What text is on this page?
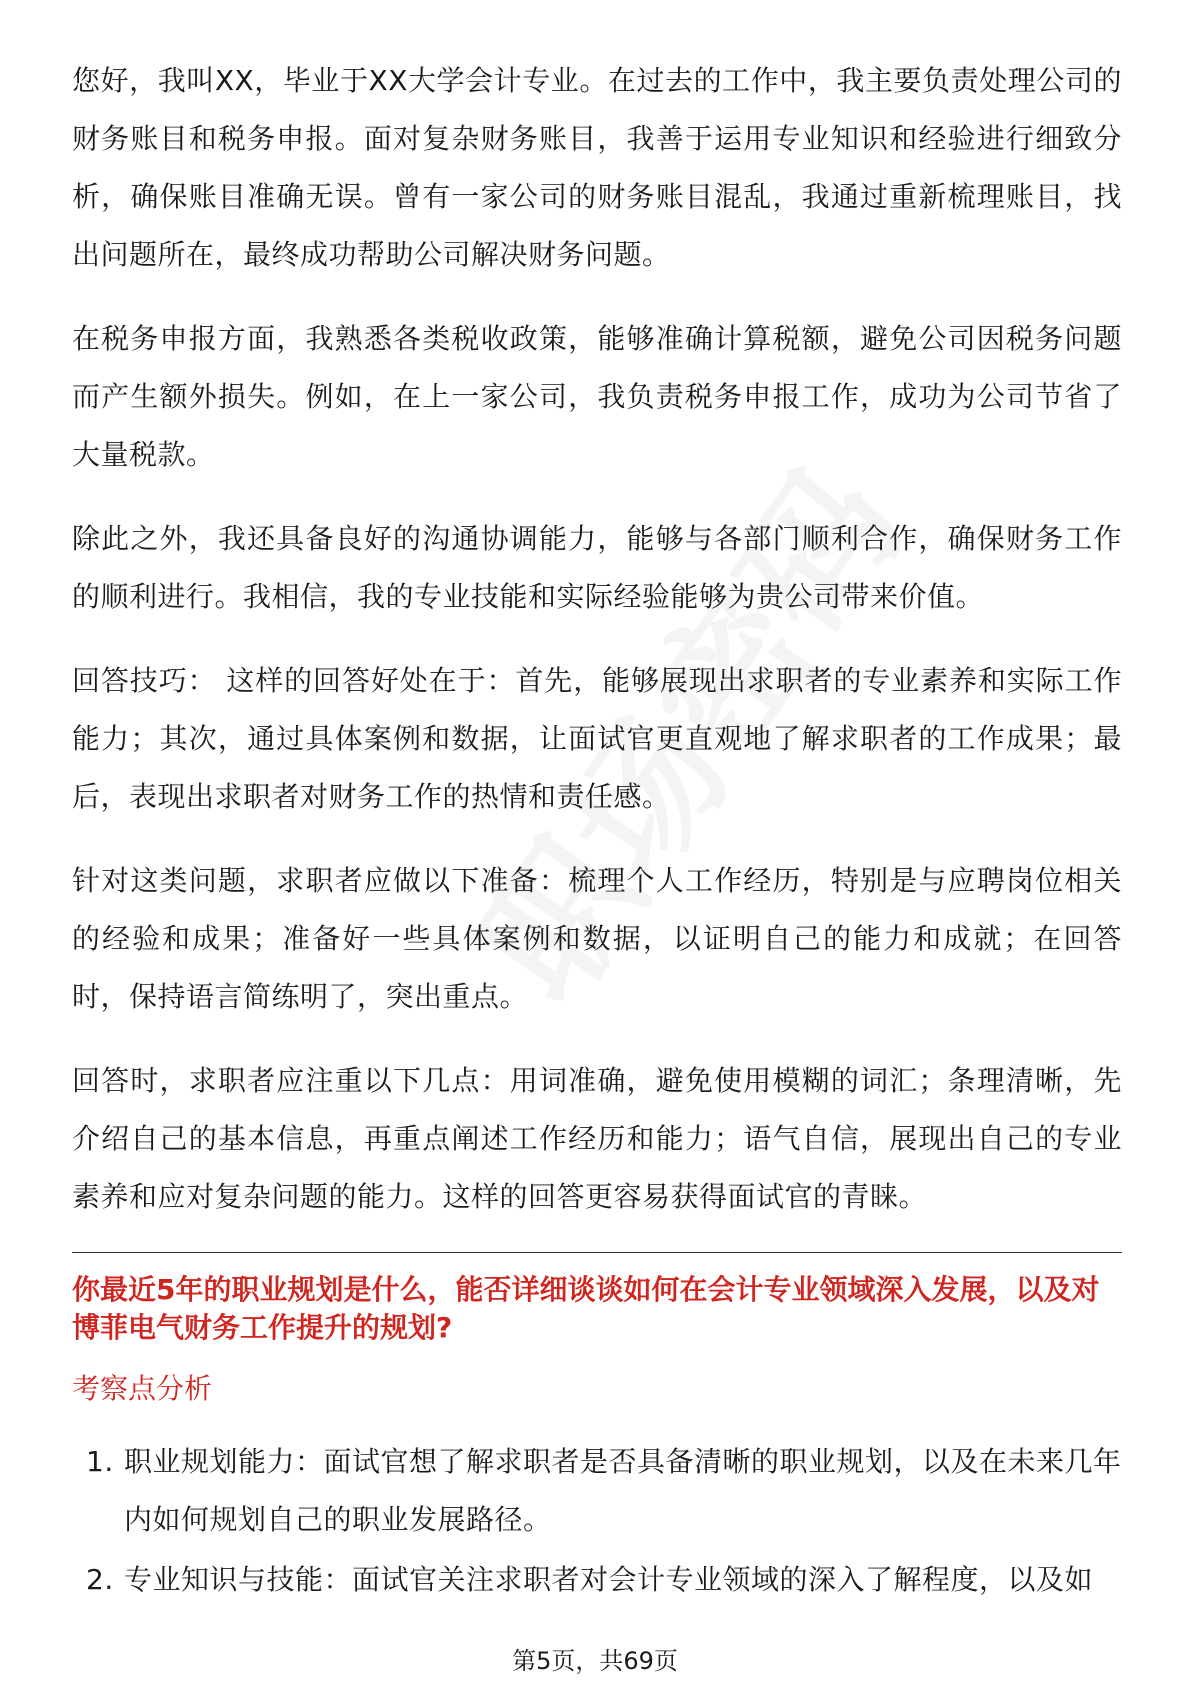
您好，我叫XX，毕业于XX大学会计专业。在过去的工作中，我主要负责处理公司的财务账目和税务申报。面对复杂财务账目，我善于运用专业知识和经验进行细致分析，确保账目准确无误。曾有一家公司的财务账目混乱，我通过重新梳理账目，找出问题所在，最终成功帮助公司解决财务问题。

在税务申报方面，我熟悉各类税收政策，能够准确计算税额，避免公司因税务问题而产生额外损失。例如，在上一家公司，我负责税务申报工作，成功为公司节省了大量税款。

除此之外，我还具备良好的沟通协调能力，能够与各部门顺利合作，确保财务工作的顺利进行。我相信，我的专业技能和实际经验能够为贵公司带来价值。

回答技巧： 这样的回答好处在于：首先，能够展现出求职者的专业素养和实际工作能力；其次，通过具体案例和数据，让面试官更直观地了解求职者的工作成果；最后，表现出求职者对财务工作的热情和责任感。

针对这类问题，求职者应做以下准备：梳理个人工作经历，特别是与应聘岗位相关的经验和成果；准备好一些具体案例和数据，以证明自己的能力和成就；在回答时，保持语言简练明了，突出重点。

回答时，求职者应注重以下几点：用词准确，避免使用模糊的词汇；条理清晰，先介绍自己的基本信息，再重点阐述工作经历和能力；语气自信，展现出自己的专业素养和应对复杂问题的能力。这样的回答更容易获得面试官的青睐。

你最近5年的职业规划是什么，能否详细谈谈如何在会计专业领域深入发展，以及对博菲电气财务工作提升的规划?
考察点分析
1. 职业规划能力：面试官想了解求职者是否具备清晰的职业规划，以及在未来几年内如何规划自己的职业发展路径。
2. 专业知识与技能：面试官关注求职者对会计专业领域的深入了解程度，以及如
第5页，共69页
